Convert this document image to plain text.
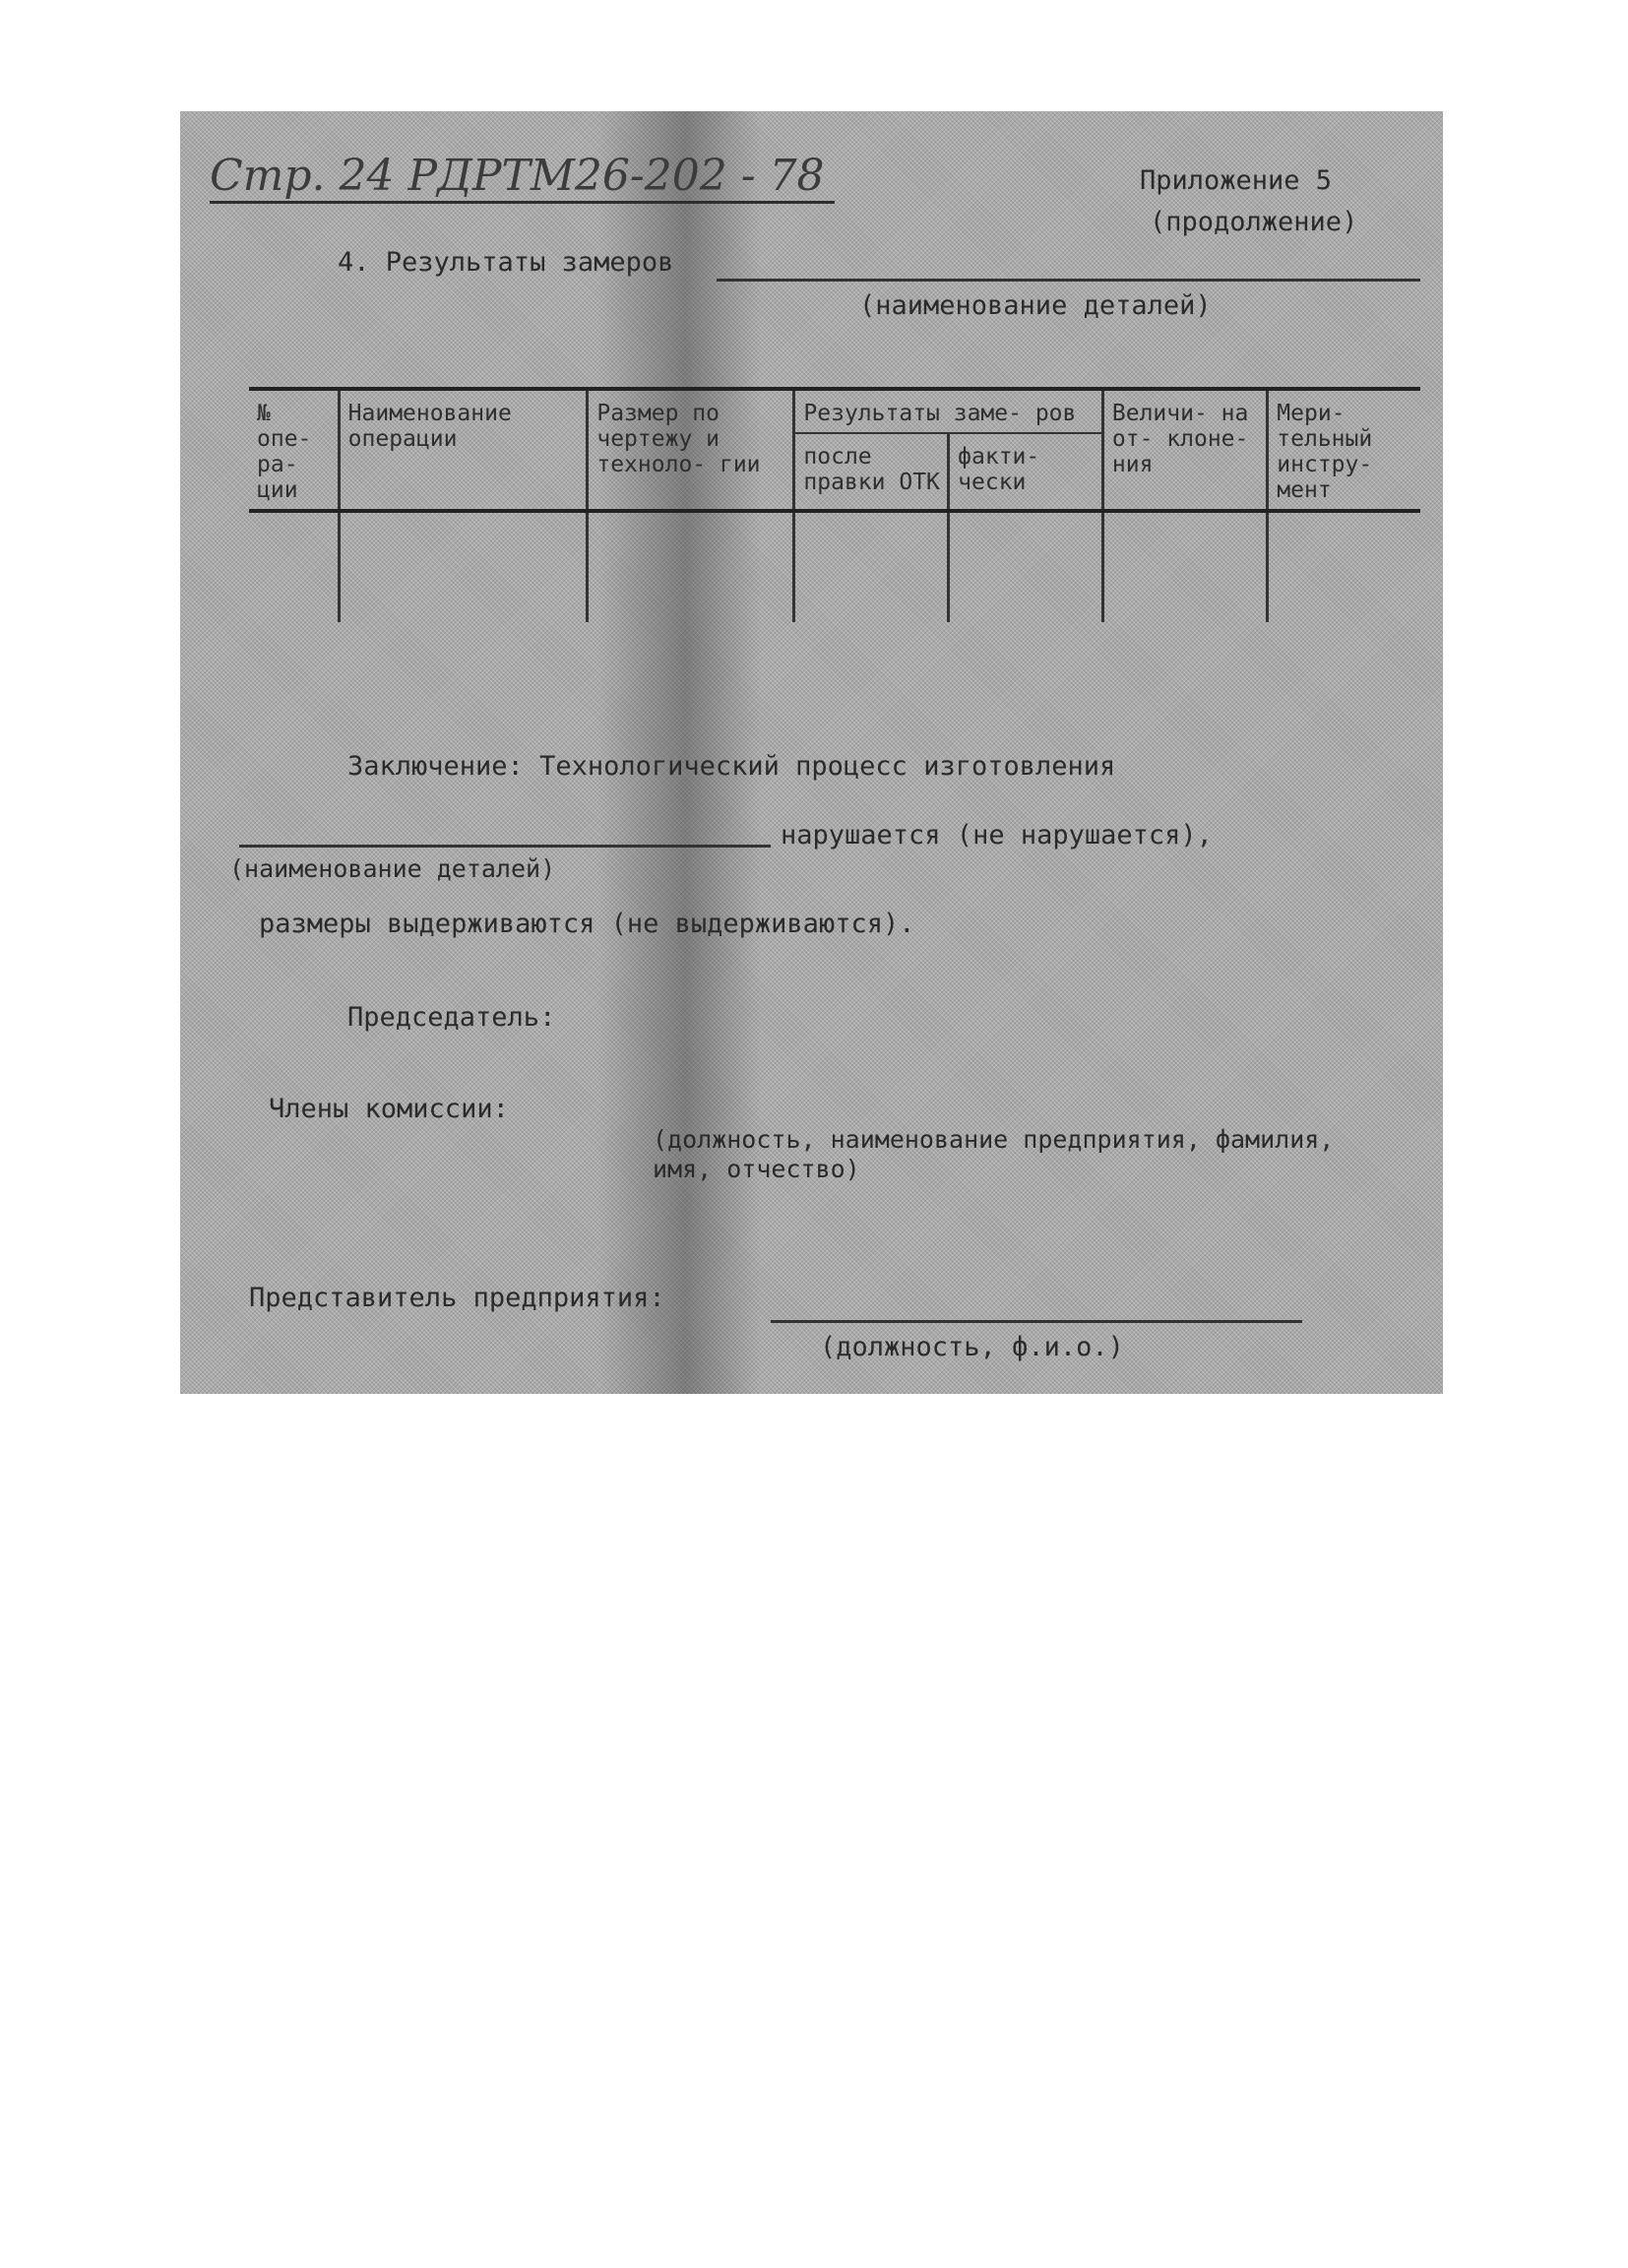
Стр. 24 РДРТМ26-202 - 78	Приложение 5
(продолжение)
4. Результаты замеров
(наименование деталей)
№ опе- ра- ции	Наименование операции	Размер по чертежу и техноло- гии	Результаты заме- ров		Величи- на от- клоне- ния	Мери- тельный инстру- мент
			после правки ОТК	факти- чески		

Заключение: Технологический процесс изготовления
нарушается (не нарушается),
(наименование деталей)
размеры выдерживаются (не выдерживаются).
Председатель:
Члены комиссии:
(должность, наименование предприятия, фамилия, имя, отчество)
Представитель предприятия:
(должность, ф.и.о.)
